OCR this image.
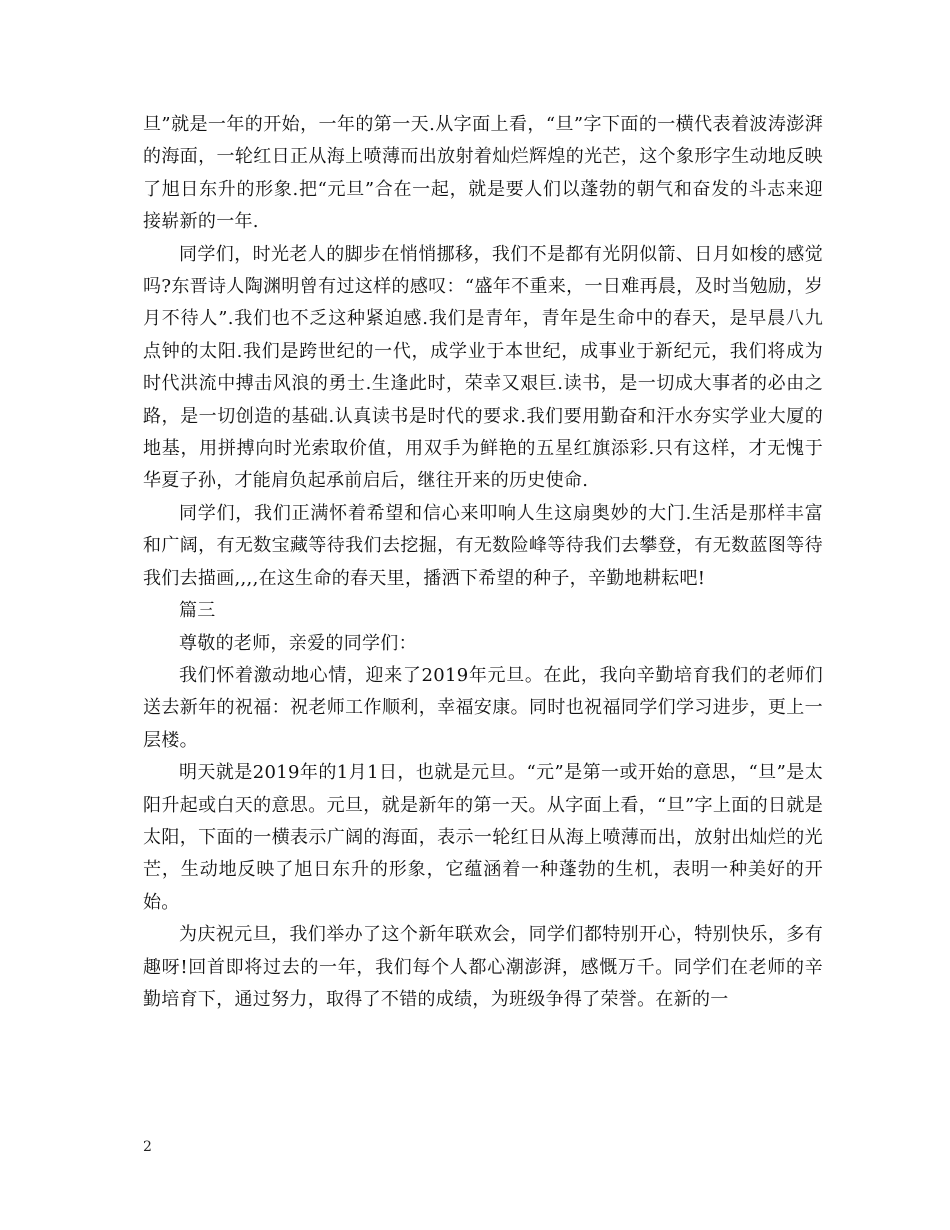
旦”就是一年的开始，一年的第一天.从字面上看，“旦”字下面的一横代表着波涛澎湃的海面，一轮红日正从海上喷薄而出放射着灿烂辉煌的光芒，这个象形字生动地反映了旭日东升的形象.把“元旦”合在一起，就是要人们以蓬勃的朝气和奋发的斗志来迎接崭新的一年.

同学们，时光老人的脚步在悄悄挪移，我们不是都有光阴似箭、日月如梭的感觉吗?东晋诗人陶渊明曾有过这样的感叹：“盛年不重来，一日难再晨，及时当勉励，岁月不待人”.我们也不乏这种紧迫感.我们是青年，青年是生命中的春天，是早晨八九点钟的太阳.我们是跨世纪的一代，成学业于本世纪，成事业于新纪元，我们将成为时代洪流中搏击风浪的勇士.生逢此时，荣幸又艰巨.读书，是一切成大事者的必由之路，是一切创造的基础.认真读书是时代的要求.我们要用勤奋和汗水夯实学业大厦的地基，用拼搏向时光索取价值，用双手为鲜艳的五星红旗添彩.只有这样，才无愧于华夏子孙，才能肩负起承前启后，继往开来的历史使命.

同学们，我们正满怀着希望和信心来叩响人生这扇奥妙的大门.生活是那样丰富和广阔，有无数宝藏等待我们去挖掘，有无数险峰等待我们去攀登，有无数蓝图等待我们去描画,,,,在这生命的春天里，播洒下希望的种子，辛勤地耕耘吧!

篇三

尊敬的老师，亲爱的同学们：

我们怀着激动地心情，迎来了2019年元旦。在此，我向辛勤培育我们的老师们送去新年的祝福：祝老师工作顺利，幸福安康。同时也祝福同学们学习进步，更上一层楼。

明天就是2019年的1月1日，也就是元旦。“元”是第一或开始的意思，“旦”是太阳升起或白天的意思。元旦，就是新年的第一天。从字面上看，“旦”字上面的日就是太阳，下面的一横表示广阔的海面，表示一轮红日从海上喷薄而出，放射出灿烂的光芒，生动地反映了旭日东升的形象，它蕴涵着一种蓬勃的生机，表明一种美好的开始。

为庆祝元旦，我们举办了这个新年联欢会，同学们都特别开心，特别快乐，多有趣呀!回首即将过去的一年，我们每个人都心潮澎湃，感慨万千。同学们在老师的辛勤培育下，通过努力，取得了不错的成绩，为班级争得了荣誉。在新的一

2
